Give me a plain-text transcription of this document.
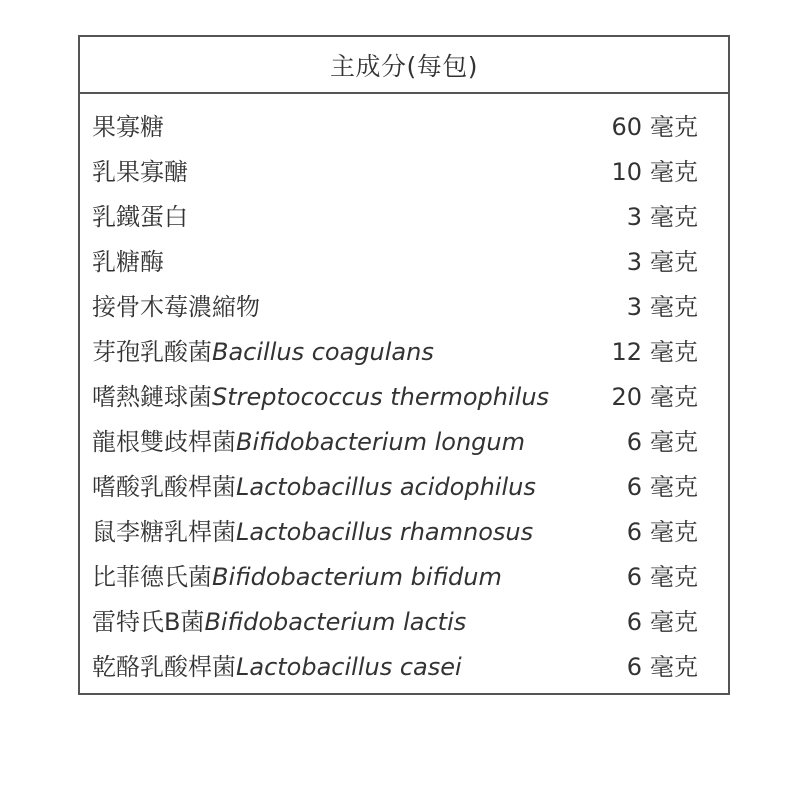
主成分(每包)
果寡糖	60 毫克
乳果寡醣	10 毫克
乳鐵蛋白	3 毫克
乳糖酶	3 毫克
接骨木莓濃縮物	3 毫克
芽孢乳酸菌Bacillus coagulans	12 毫克
嗜熱鏈球菌Streptococcus thermophilus	20 毫克
龍根雙歧桿菌Bifidobacterium longum	6 毫克
嗜酸乳酸桿菌Lactobacillus acidophilus	6 毫克
鼠李糖乳桿菌Lactobacillus rhamnosus	6 毫克
比菲德氏菌Bifidobacterium bifidum	6 毫克
雷特氏B菌Bifidobacterium lactis	6 毫克
乾酪乳酸桿菌Lactobacillus casei	6 毫克
